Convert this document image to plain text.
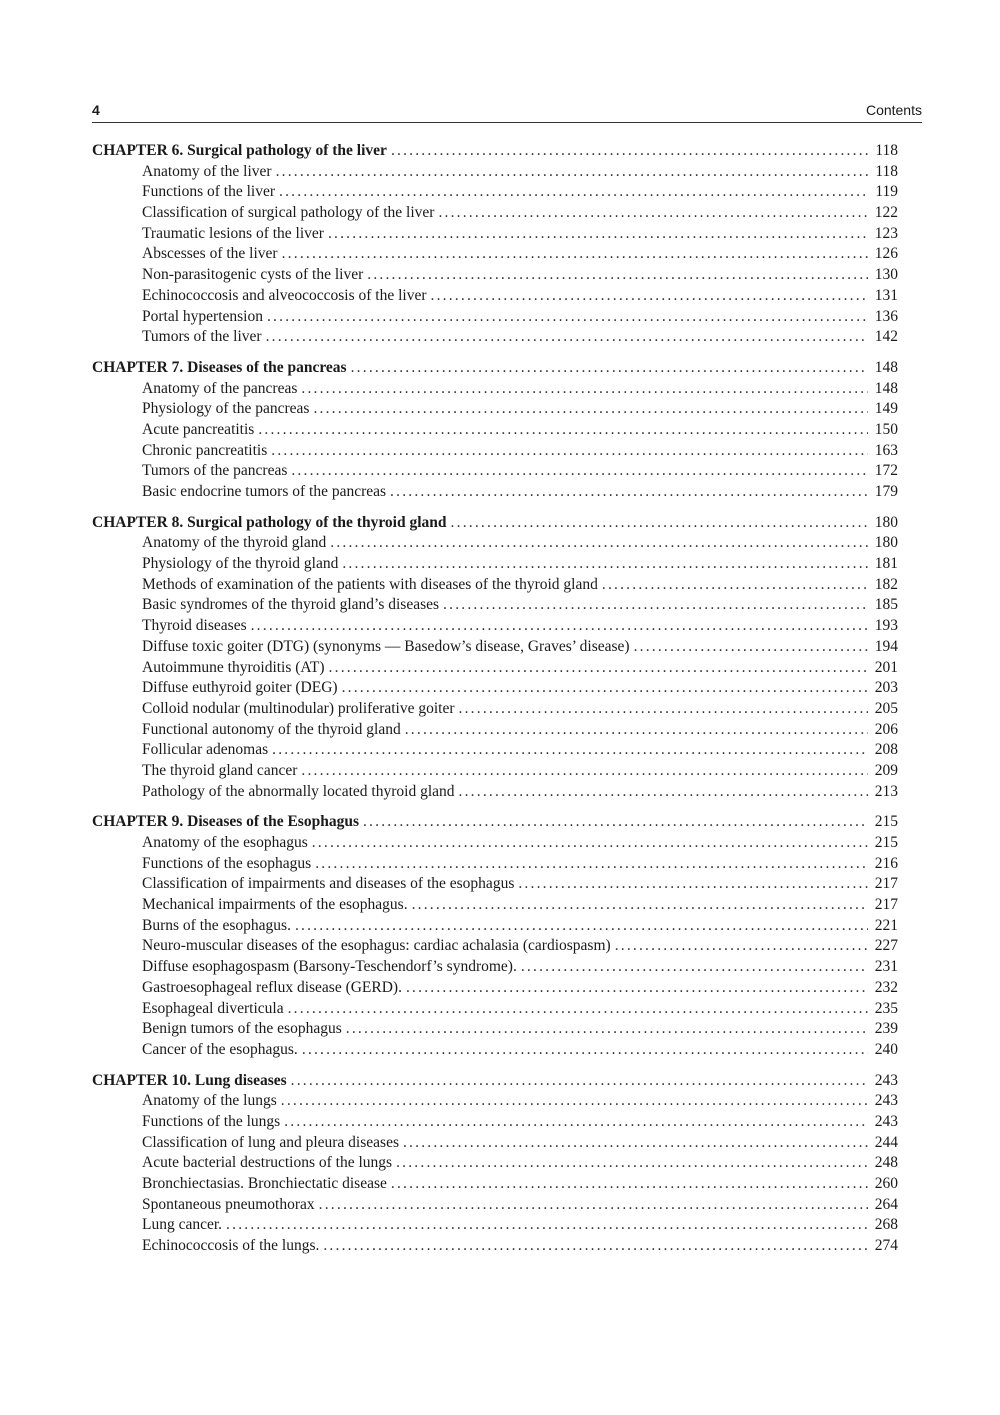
4	Contents
CHAPTER 6. Surgical pathology of the liver .....	118
Anatomy of the liver .....	118
Functions of the liver .....	119
Classification of surgical pathology of the liver .....	122
Traumatic lesions of the liver .....	123
Abscesses of the liver .....	126
Non-parasitogenic cysts of the liver .....	130
Echinococcosis and alveococcosis of the liver .....	131
Portal hypertension .....	136
Tumors of the liver .....	142
CHAPTER 7. Diseases of the pancreas .....	148
Anatomy of the pancreas .....	148
Physiology of the pancreas .....	149
Acute pancreatitis .....	150
Chronic pancreatitis .....	163
Tumors of the pancreas .....	172
Basic endocrine tumors of the pancreas .....	179
CHAPTER 8. Surgical pathology of the thyroid gland .....	180
Anatomy of the thyroid gland .....	180
Physiology of the thyroid gland .....	181
Methods of examination of the patients with diseases of the thyroid gland .....	182
Basic syndromes of the thyroid gland’s diseases .....	185
Thyroid diseases .....	193
Diffuse toxic goiter (DTG) (synonyms — Basedow’s disease, Graves’ disease) .....	194
Autoimmune thyroiditis (AT) .....	201
Diffuse euthyroid goiter (DEG) .....	203
Colloid nodular (multinodular) proliferative goiter .....	205
Functional autonomy of the thyroid gland .....	206
Follicular adenomas .....	208
The thyroid gland cancer .....	209
Pathology of the abnormally located thyroid gland .....	213
CHAPTER 9. Diseases of the Esophagus .....	215
Anatomy of the esophagus .....	215
Functions of the esophagus .....	216
Classification of impairments and diseases of the esophagus .....	217
Mechanical impairments of the esophagus. .....	217
Burns of the esophagus. .....	221
Neuro-muscular diseases of the esophagus: cardiac achalasia (cardiospasm) .....	227
Diffuse esophagospasm (Barsony-Teschendorf’s syndrome). .....	231
Gastroesophageal reflux disease (GERD). .....	232
Esophageal diverticula .....	235
Benign tumors of the esophagus .....	239
Cancer of the esophagus. .....	240
CHAPTER 10. Lung diseases .....	243
Anatomy of the lungs .....	243
Functions of the lungs .....	243
Classification of lung and pleura diseases .....	244
Acute bacterial destructions of the lungs .....	248
Bronchiectasias. Bronchiectatic disease .....	260
Spontaneous pneumothorax .....	264
Lung cancer. .....	268
Echinococcosis of the lungs. .....	274
